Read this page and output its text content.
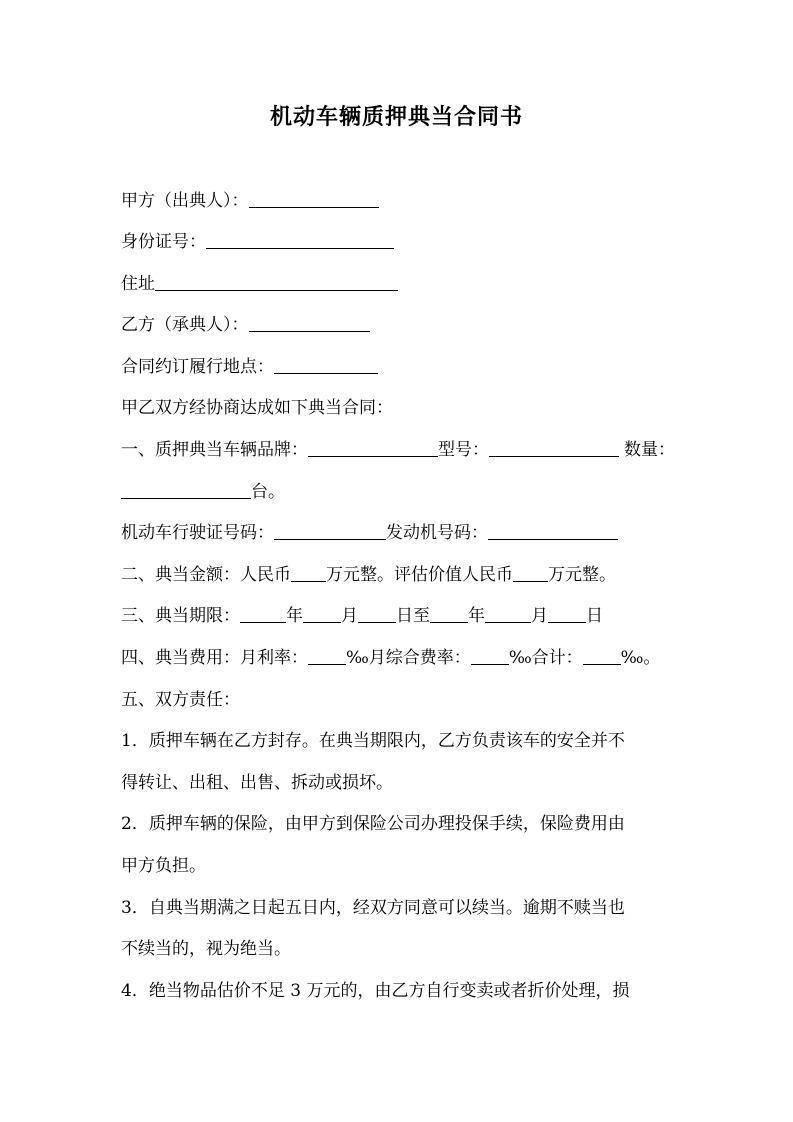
机动车辆质押典当合同书
甲方（出典人）：
身份证号：
住址
乙方（承典人）：
合同约订履行地点：
甲乙双方经协商达成如下典当合同：
一、质押典当车辆品牌：	型号：	数量：
台。
机动车行驶证号码：	发动机号码：
二、典当金额：人民币 万元整。评估价值人民币 万元整。
三、典当期限：	年 月 日至 年	月 日
四、典当费用：月利率： ‰月综合费率： ‰合计： ‰。
五、双方责任：
1．质押车辆在乙方封存。在典当期限内，乙方负责该车的安全并不
得转让、出租、出售、拆动或损坏。
2．质押车辆的保险，由甲方到保险公司办理投保手续，保险费用由
甲方负担。
3．自典当期满之日起五日内，经双方同意可以续当。逾期不赎当也
不续当的，视为绝当。
4．绝当物品估价不足 3 万元的，由乙方自行变卖或者折价处理，损
